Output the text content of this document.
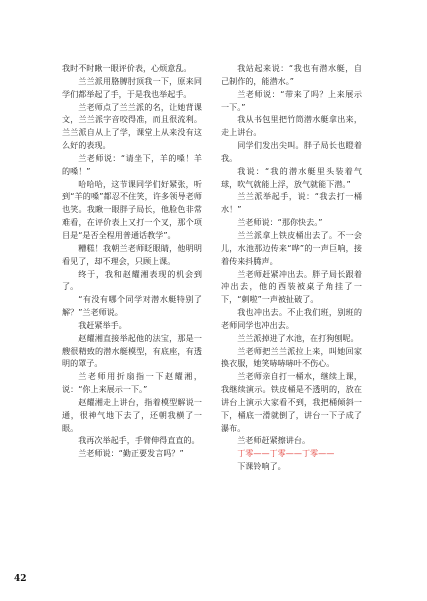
我时不时瞅一眼评价表，心烦意乱。

兰兰派用胳膊肘顶我一下，原来同学们都举起了手，于是我也举起手。

兰老师点了兰兰派的名，让她背课文，兰兰派字音咬得准，而且很流利。兰兰派自从上了学，课堂上从来没有这么好的表现。

兰老师说：“请坐下，羊的嗓！羊的嗓！”

哈哈哈，这节课同学们好紧张，听到“羊的嗓”都忍不住笑，许多领导老师也笑。我瞅一眼胖子局长，他脸色非常难看，在评价表上又打一个叉，那个项目是“是否全程用普通话教学”。

糟糕！我朝兰老师眨眼睛，他明明看见了，却不理会，只顾上课。

终于，我和赵耀湘表现的机会到了。

“有没有哪个同学对潜水艇特别了解？”兰老师说。

我赶紧举手。

赵耀湘直接举起他的法宝，那是一艘很精致的潜水艇模型，有底座，有透明的罩子。

兰老师用折扇指一下赵耀湘，说：“你上来展示一下。”

赵耀湘走上讲台，指着模型解说一通，很神气地下去了，还朝我横了一眼。

我再次举起手，手臂伸得直直的。

兰老师说：“勤正要发言吗？”

我站起来说：“我也有潜水艇，自己制作的，能潜水。”

兰老师说：“带来了吗？上来展示一下。”

我从书包里把竹筒潜水艇拿出来，走上讲台。

同学们发出尖叫。胖子局长也瞪着我。

我说：“我的潜水艇里头装着气球，吹气就能上浮，放气就能下潜。”

兰兰派举起手，说：“我去打一桶水！”

兰老师说：“那你快去。”

兰兰派拿上铁皮桶出去了。不一会儿，水池那边传来“哗”的一声巨响，接着传来抖腾声。

兰老师赶紧冲出去。胖子局长跟着冲出去，他的西装被桌子角挂了一下，“刺啦”一声被扯破了。

我也冲出去。不止我们班，别班的老师同学也冲出去。

兰兰派掉进了水池，在打狗刨呢。

兰老师把兰兰派拉上来，叫她回家换衣服，她笑哧哧哧叶不伤心。

兰老师亲自打一桶水，继续上课，我继续演示。铁皮桶是不透明的，放在讲台上演示大家看不到，我把桶倾斜一下，桶底一滑就倒了，讲台一下子成了瀑布。

兰老师赶紧擦讲台。

丁零——丁零——丁零——

下课铃响了。

42
